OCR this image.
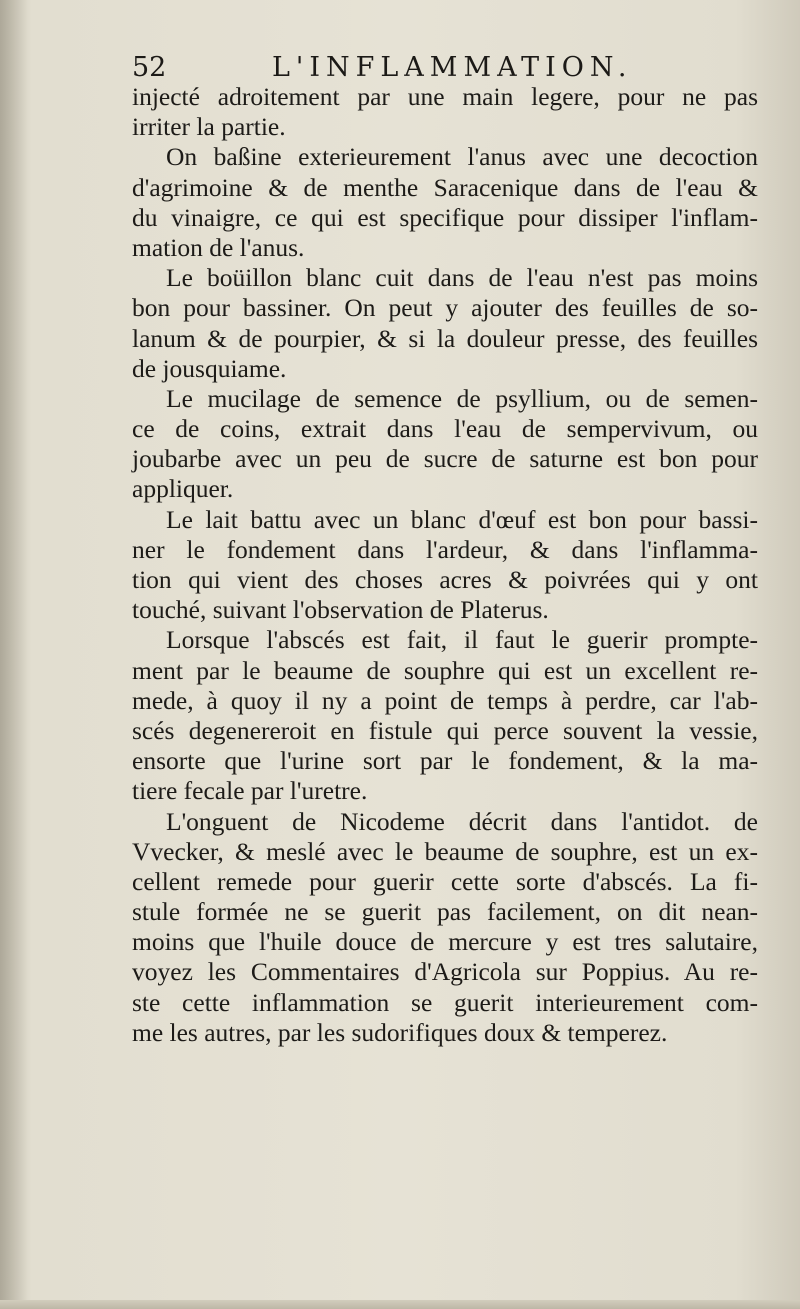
52	L'INFLAMMATION.
injecté adroitement par une main legere, pour ne pas
irriter la partie.
On baßine exterieurement l'anus avec une decoction
d'agrimoine & de menthe Saracenique dans de l'eau &
du vinaigre, ce qui est specifique pour dissiper l'inflam-
mation de l'anus.
Le boüillon blanc cuit dans de l'eau n'est pas moins
bon pour bassiner. On peut y ajouter des feuilles de so-
lanum & de pourpier, & si la douleur presse, des feuilles
de jousquiame.
Le mucilage de semence de psyllium, ou de semen-
ce de coins, extrait dans l'eau de sempervivum, ou
joubarbe avec un peu de sucre de saturne est bon pour
appliquer.
Le lait battu avec un blanc d'œuf est bon pour bassi-
ner le fondement dans l'ardeur, & dans l'inflamma-
tion qui vient des choses acres & poivrées qui y ont
touché, suivant l'observation de Platerus.
Lorsque l'abscés est fait, il faut le guerir prompte-
ment par le beaume de souphre qui est un excellent re-
mede, à quoy il ny a point de temps à perdre, car l'ab-
scés degenereroit en fistule qui perce souvent la vessie,
ensorte que l'urine sort par le fondement, & la ma-
tiere fecale par l'uretre.
L'onguent de Nicodeme décrit dans l'antidot. de
Vvecker, & meslé avec le beaume de souphre, est un ex-
cellent remede pour guerir cette sorte d'abscés. La fi-
stule formée ne se guerit pas facilement, on dit nean-
moins que l'huile douce de mercure y est tres salutaire,
voyez les Commentaires d'Agricola sur Poppius. Au re-
ste cette inflammation se guerit interieurement com-
me les autres, par les sudorifiques doux & temperez.
